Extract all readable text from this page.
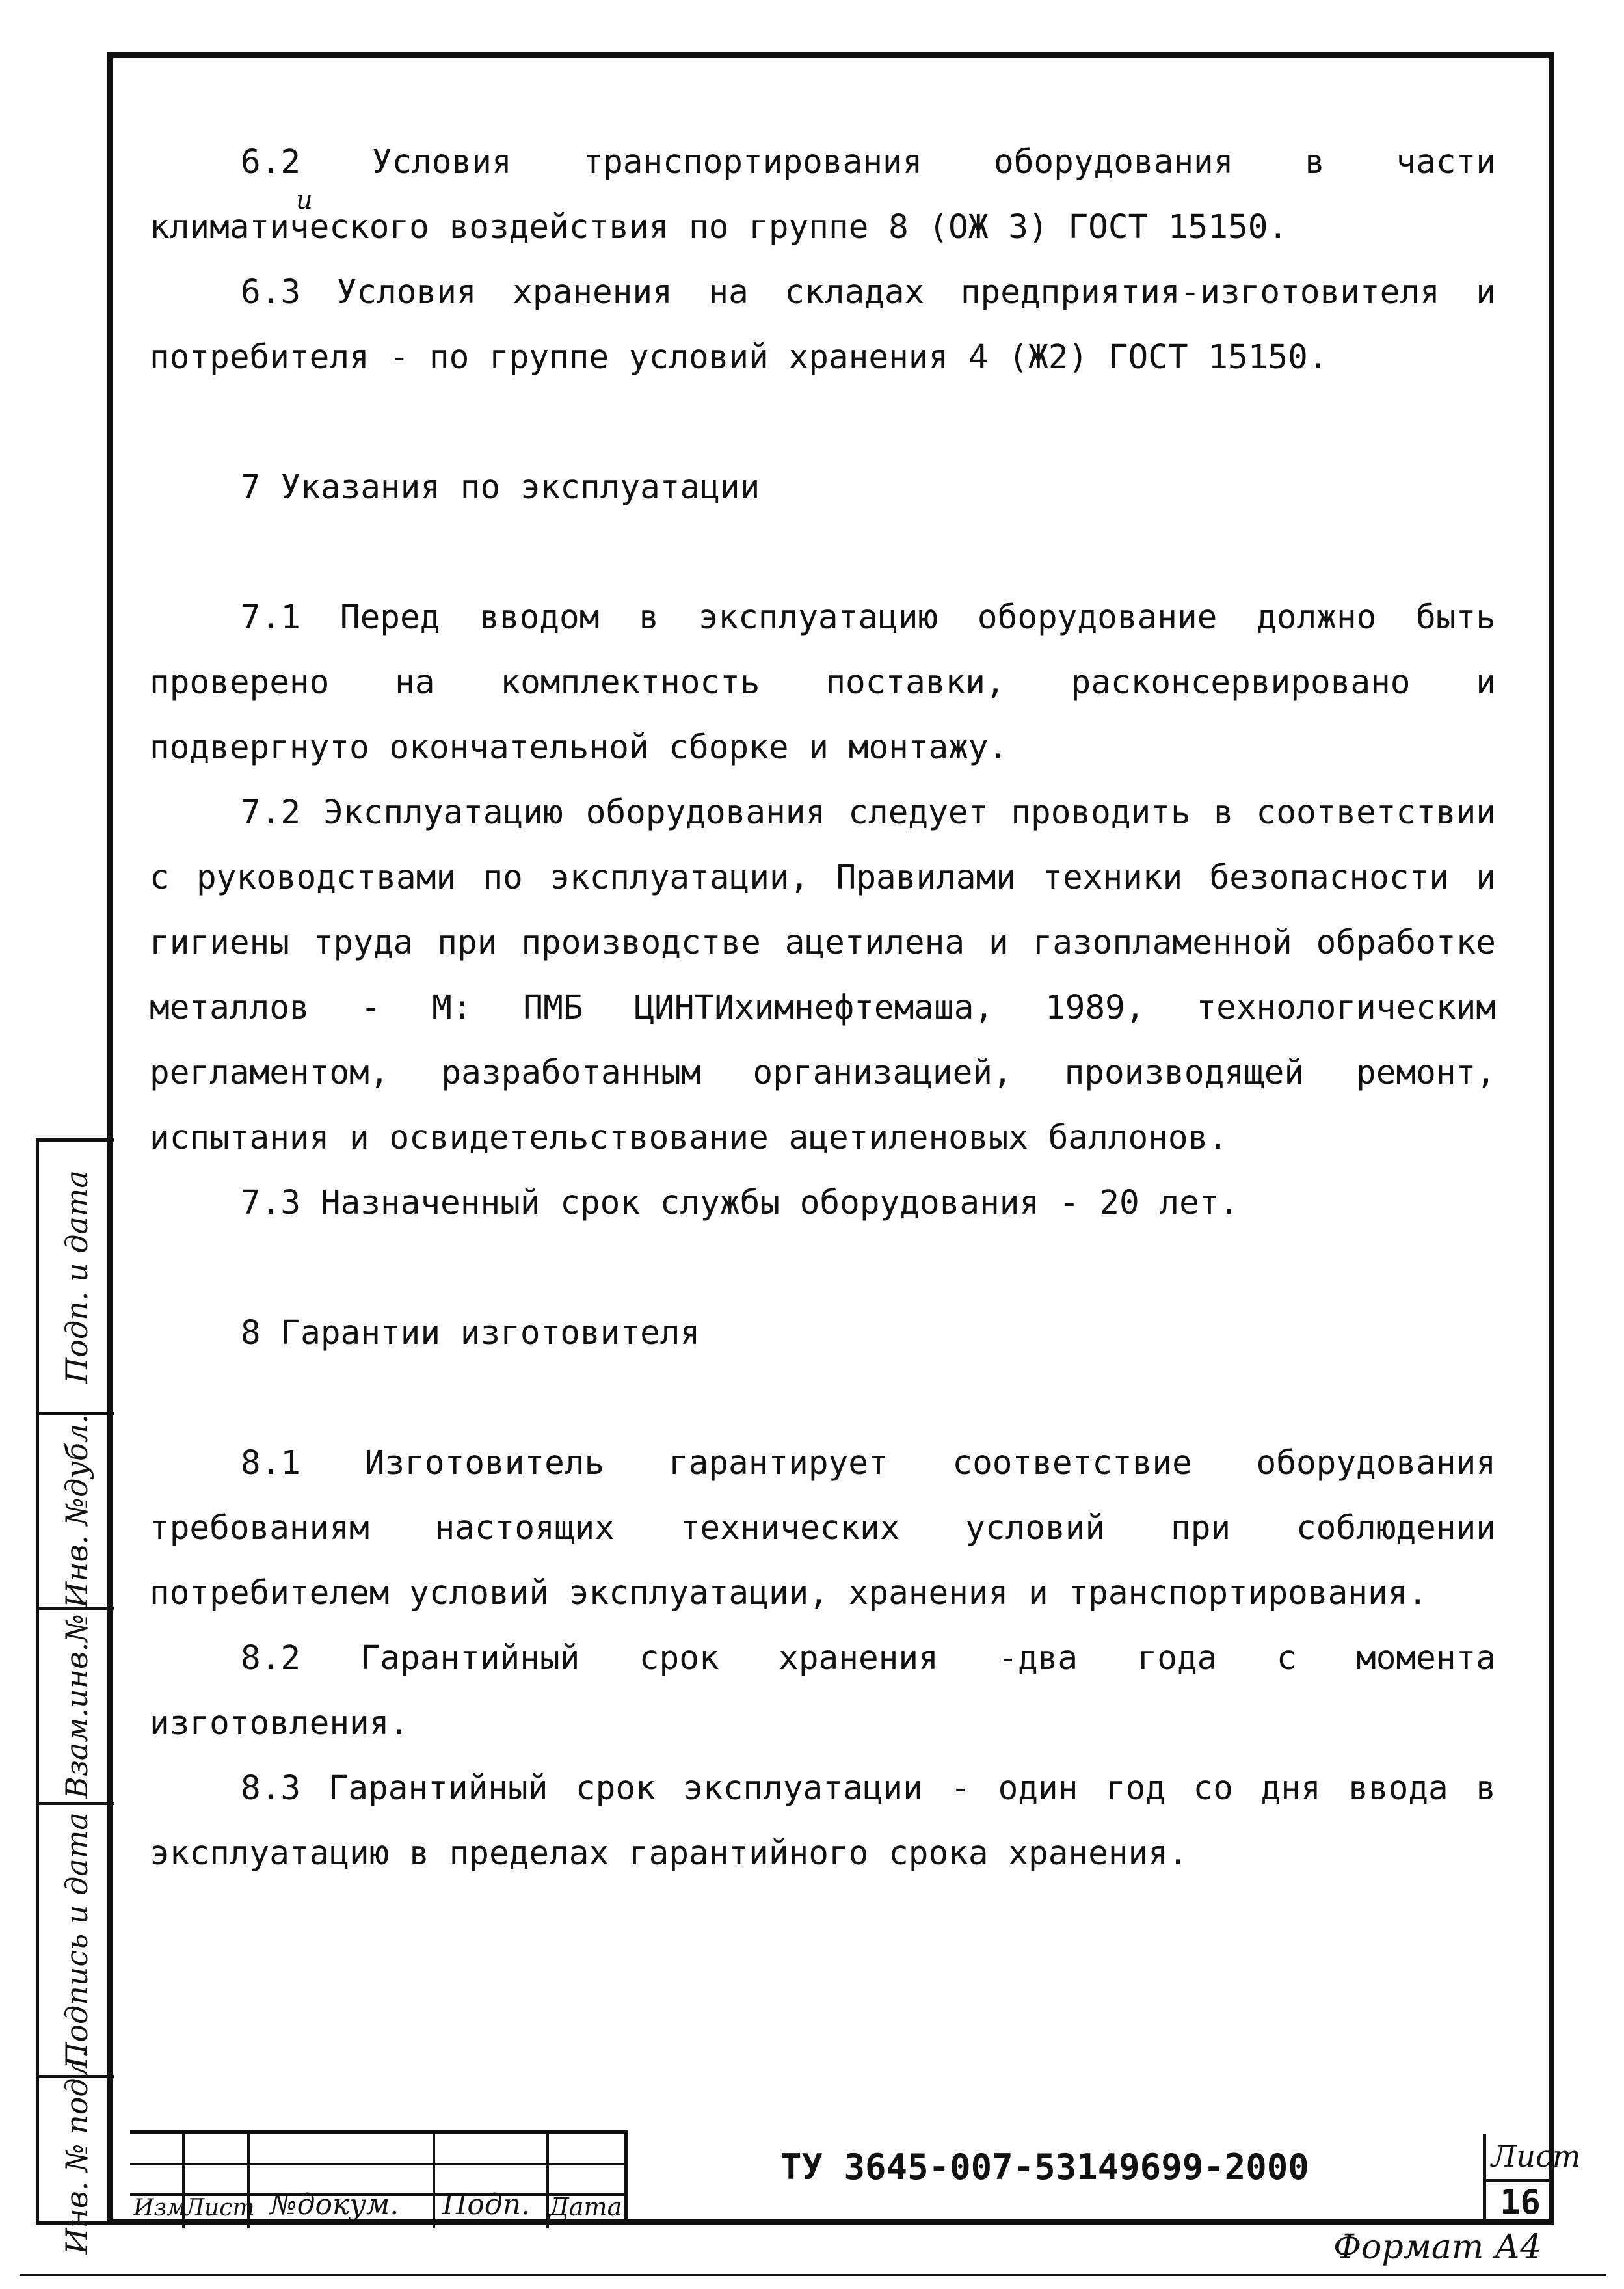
и

6.2 Условия транспортирования оборудования в части климатического воздействия по группе 8 (ОЖ 3) ГОСТ 15150.

6.3 Условия хранения на складах предприятия-изготовителя и потребителя - по группе условий хранения 4 (Ж2) ГОСТ 15150.

7 Указания по эксплуатации

7.1 Перед вводом в эксплуатацию оборудование должно быть проверено на комплектность поставки, расконсервировано и подвергнуто окончательной сборке и монтажу.

7.2 Эксплуатацию оборудования следует проводить в соответствии с руководствами по эксплуатации, Правилами техники безопасности и гигиены труда при производстве ацетилена и газопламенной обработке металлов - М: ПМБ ЦИНТИхимнефтемаша, 1989, технологическим регламентом, разработанным организацией, производящей ремонт, испытания и освидетельствование ацетиленовых баллонов.

7.3 Назначенный срок службы оборудования - 20 лет.

8 Гарантии изготовителя

8.1 Изготовитель гарантирует соответствие оборудования требованиям настоящих технических условий при соблюдении потребителем условий эксплуатации, хранения и транспортирования.

8.2 Гарантийный срок хранения -два года с момента изготовления.

8.3 Гарантийный срок эксплуатации - один год со дня ввода в эксплуатацию в пределах гарантийного срока хранения.

Подп. и дата
Инв. №дубл.
Взам.инв.№
Подпись и дата
Инв. № подл. Изм
Лист №докум. Подп. Дата
ТУ 3645-007-53149699-2000	Лист
16
Формат А4
